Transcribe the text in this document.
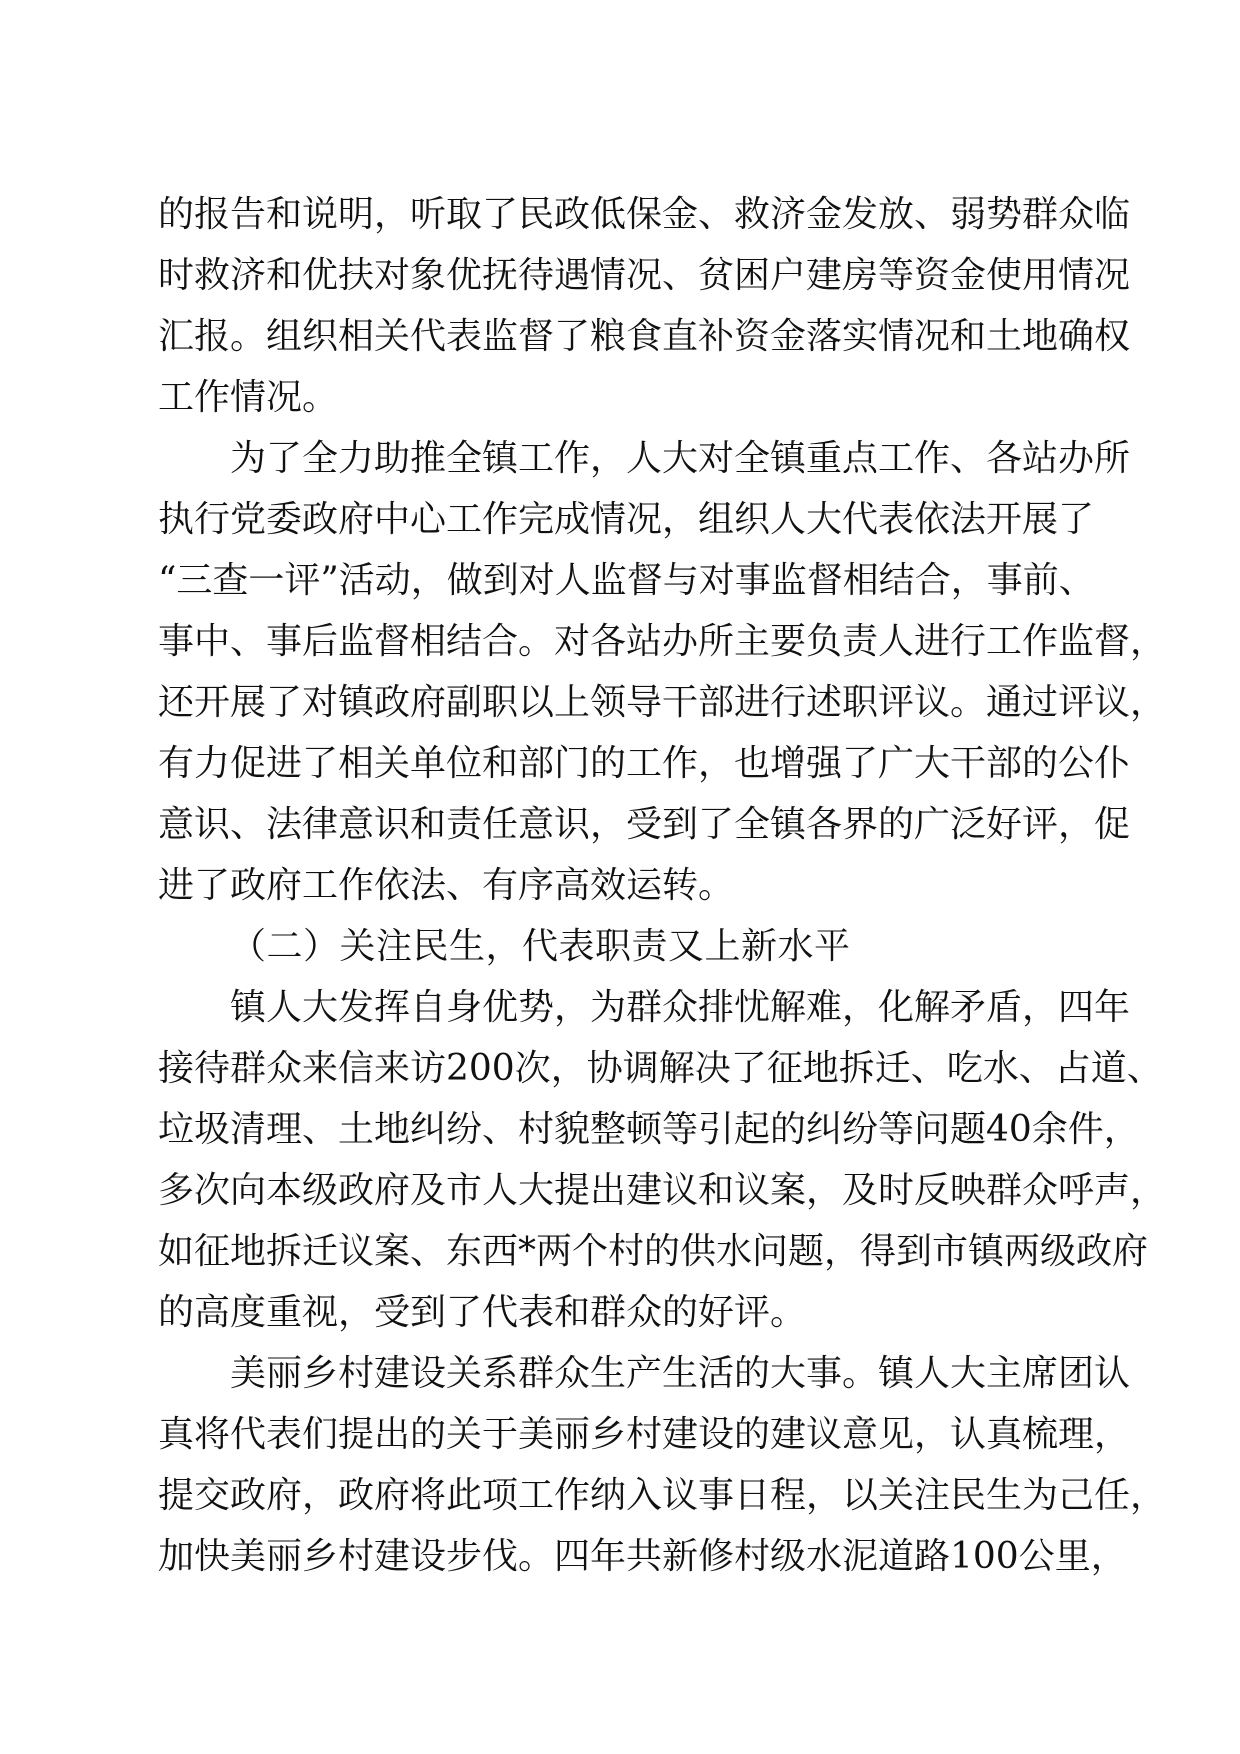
的报告和说明，听取了民政低保金、救济金发放、弱势群众临
时救济和优扶对象优抚待遇情况、贫困户建房等资金使用情况
汇报。组织相关代表监督了粮食直补资金落实情况和土地确权
工作情况。
为了全力助推全镇工作，人大对全镇重点工作、各站办所
执行党委政府中心工作完成情况，组织人大代表依法开展了
“三查一评”活动，做到对人监督与对事监督相结合，事前、
事中、事后监督相结合。对各站办所主要负责人进行工作监督，
还开展了对镇政府副职以上领导干部进行述职评议。通过评议，
有力促进了相关单位和部门的工作，也增强了广大干部的公仆
意识、法律意识和责任意识，受到了全镇各界的广泛好评，促
进了政府工作依法、有序高效运转。
（二）关注民生，代表职责又上新水平
镇人大发挥自身优势，为群众排忧解难，化解矛盾，四年
接待群众来信来访200次，协调解决了征地拆迁、吃水、占道、
垃圾清理、土地纠纷、村貌整顿等引起的纠纷等问题40余件，
多次向本级政府及市人大提出建议和议案，及时反映群众呼声，
如征地拆迁议案、东西*两个村的供水问题，得到市镇两级政府
的高度重视，受到了代表和群众的好评。
美丽乡村建设关系群众生产生活的大事。镇人大主席团认
真将代表们提出的关于美丽乡村建设的建议意见，认真梳理，
提交政府，政府将此项工作纳入议事日程，以关注民生为己任，
加快美丽乡村建设步伐。四年共新修村级水泥道路100公里，
